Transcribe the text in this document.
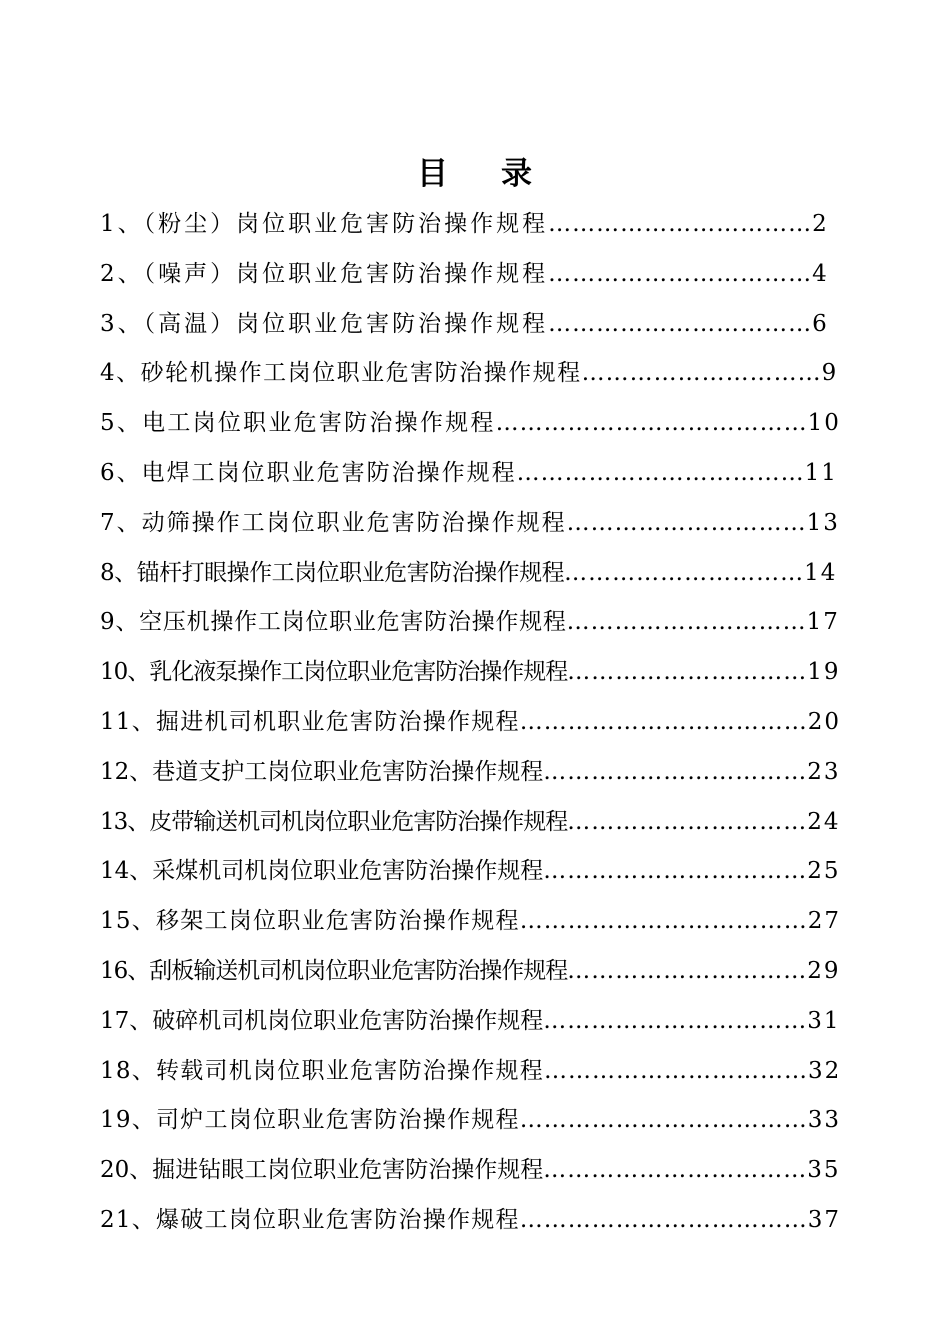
目 录
1、（粉尘）岗位职业危害防治操作规程……………………………2
2、（噪声）岗位职业危害防治操作规程……………………………4
3、（高温）岗位职业危害防治操作规程……………………………6
4、砂轮机操作工岗位职业危害防治操作规程…………………………9
5、电工岗位职业危害防治操作规程…………………………………10
6、电焊工岗位职业危害防治操作规程………………………………11
7、动筛操作工岗位职业危害防治操作规程…………………………13
8、锚杆打眼操作工岗位职业危害防治操作规程…………………………14
9、空压机操作工岗位职业危害防治操作规程…………………………17
10、乳化液泵操作工岗位职业危害防治操作规程…………………………19
11、掘进机司机职业危害防治操作规程………………………………20
12、巷道支护工岗位职业危害防治操作规程……………………………23
13、皮带输送机司机岗位职业危害防治操作规程…………………………24
14、采煤机司机岗位职业危害防治操作规程……………………………25
15、移架工岗位职业危害防治操作规程………………………………27
16、刮板输送机司机岗位职业危害防治操作规程…………………………29
17、破碎机司机岗位职业危害防治操作规程……………………………31
18、转载司机岗位职业危害防治操作规程……………………………32
19、司炉工岗位职业危害防治操作规程………………………………33
20、掘进钻眼工岗位职业危害防治操作规程……………………………35
21、爆破工岗位职业危害防治操作规程………………………………37
